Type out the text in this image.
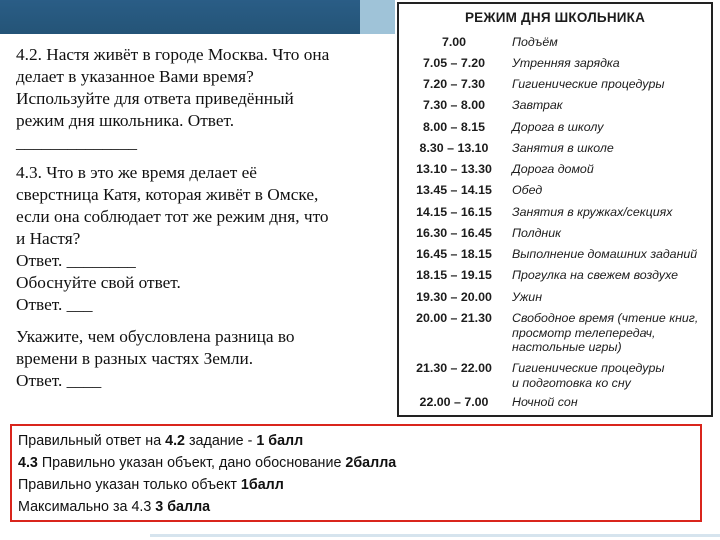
4.2. Настя живёт в городе Москва. Что она
делает в указанное Вами время?
Используйте для ответа приведённый
режим дня школьника. Ответ.
______________
4.3. Что в это же время делает её
сверстница Катя, которая живёт в Омске,
если она соблюдает тот же режим дня, что
и Настя?
Ответ. ________
Обоснуйте свой ответ.
Ответ. ___
Укажите, чем обусловлена разница во
времени в разных частях Земли.
Ответ. ____
РЕЖИМ ДНЯ ШКОЛЬНИКА
7.00	Подъём
7.05 – 7.20	Утренняя зарядка
7.20 – 7.30	Гигиенические процедуры
7.30 – 8.00	Завтрак
8.00 – 8.15	Дорога в школу
8.30 – 13.10	Занятия в школе
13.10 – 13.30	Дорога домой
13.45 – 14.15	Обед
14.15 – 16.15	Занятия в кружках/секциях
16.30 – 16.45	Полдник
16.45 – 18.15	Выполнение домашних заданий
18.15 – 19.15	Прогулка на свежем воздухе
19.30 – 20.00	Ужин
20.00 – 21.30	Свободное время (чтение книг,
просмотр телепередач,
настольные игры)
21.30 – 22.00	Гигиенические процедуры
и подготовка ко сну
22.00 – 7.00	Ночной сон
Правильный ответ на 4.2 задание - 1 балл
4.3 Правильно указан объект, дано обоснование 2балла
Правильно указан только объект 1балл
Максимально за 4.3 3 балла
